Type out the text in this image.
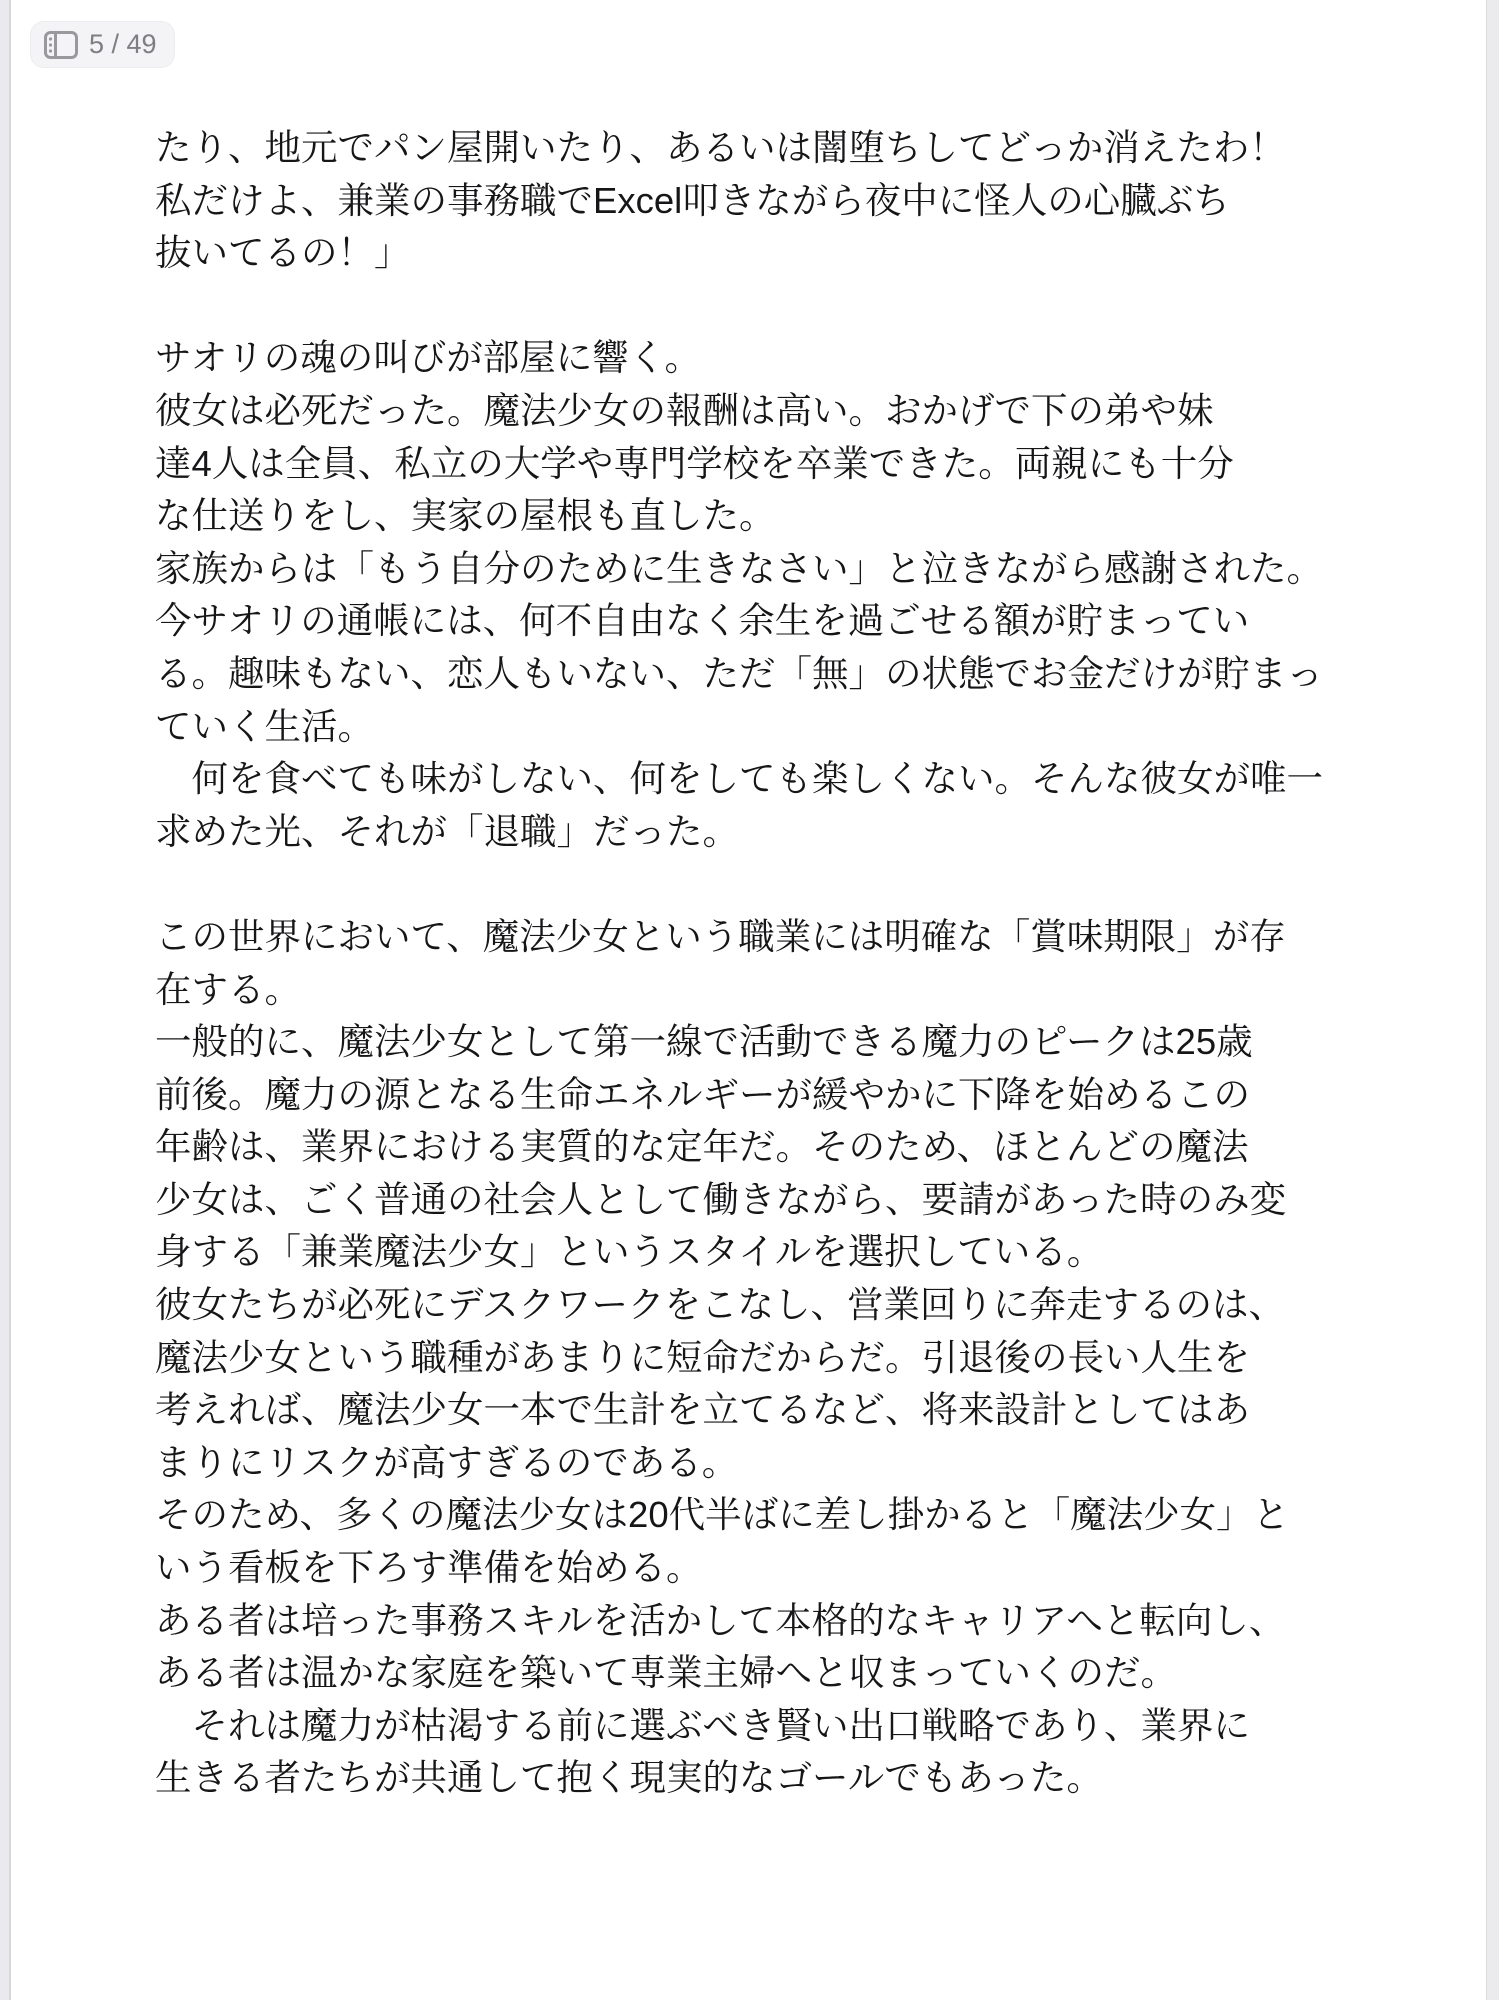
5 / 49
たり、地元でパン屋開いたり、あるいは闇堕ちしてどっか消えたわ！
私だけよ、兼業の事務職でExcel叩きながら夜中に怪人の心臓ぶち
抜いてるの！」
サオリの魂の叫びが部屋に響く。
彼女は必死だった。魔法少女の報酬は高い。おかげで下の弟や妹
達4人は全員、私立の大学や専門学校を卒業できた。両親にも十分
な仕送りをし、実家の屋根も直した。
家族からは「もう自分のために生きなさい」と泣きながら感謝された。
今サオリの通帳には、何不自由なく余生を過ごせる額が貯まってい
る。趣味もない、恋人もいない、ただ「無」の状態でお金だけが貯まっ
ていく生活。
　何を食べても味がしない、何をしても楽しくない。そんな彼女が唯一
求めた光、それが「退職」だった。
この世界において、魔法少女という職業には明確な「賞味期限」が存
在する。
一般的に、魔法少女として第一線で活動できる魔力のピークは25歳
前後。魔力の源となる生命エネルギーが緩やかに下降を始めるこの
年齢は、業界における実質的な定年だ。そのため、ほとんどの魔法
少女は、ごく普通の社会人として働きながら、要請があった時のみ変
身する「兼業魔法少女」というスタイルを選択している。
彼女たちが必死にデスクワークをこなし、営業回りに奔走するのは、
魔法少女という職種があまりに短命だからだ。引退後の長い人生を
考えれば、魔法少女一本で生計を立てるなど、将来設計としてはあ
まりにリスクが高すぎるのである。
そのため、多くの魔法少女は20代半ばに差し掛かると「魔法少女」と
いう看板を下ろす準備を始める。
ある者は培った事務スキルを活かして本格的なキャリアへと転向し、
ある者は温かな家庭を築いて専業主婦へと収まっていくのだ。
　それは魔力が枯渇する前に選ぶべき賢い出口戦略であり、業界に
生きる者たちが共通して抱く現実的なゴールでもあった。
